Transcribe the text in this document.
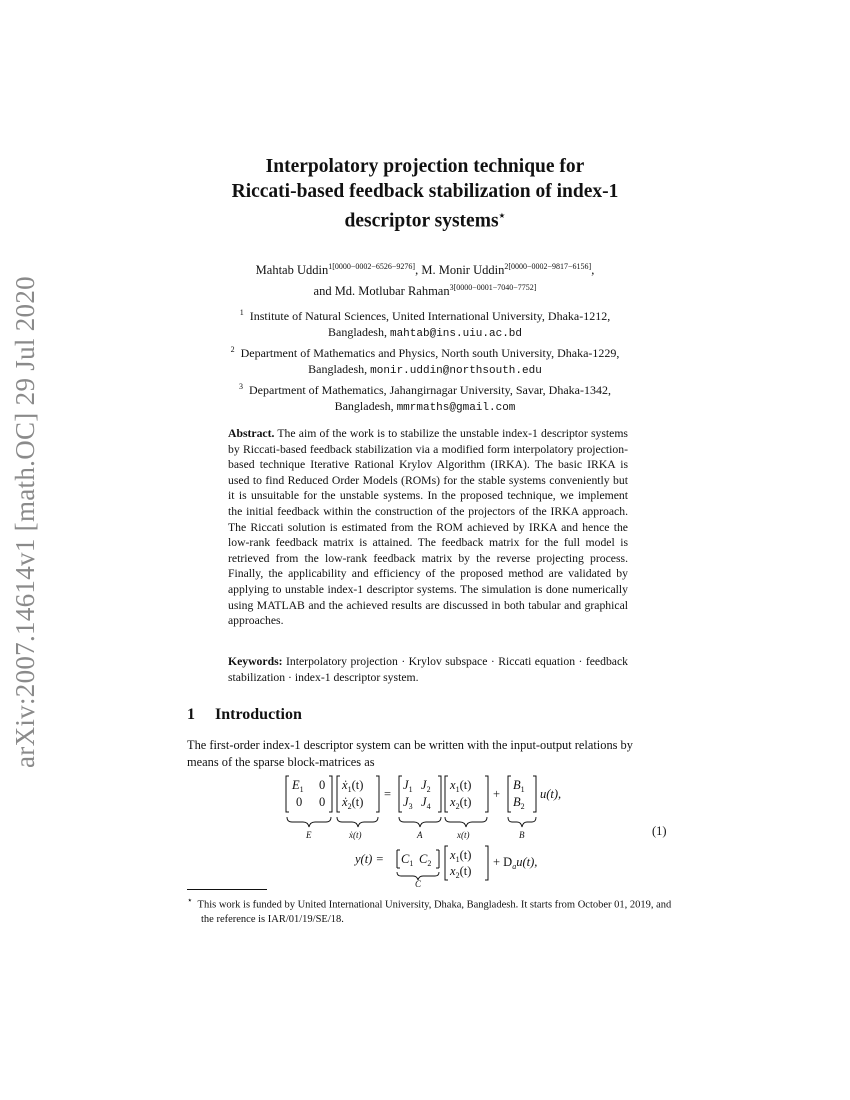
arXiv:2007.14614v1 [math.OC] 29 Jul 2020
Interpolatory projection technique for
Riccati-based feedback stabilization of index-1
descriptor systems⋆
Mahtab Uddin$^{1[0000-0002-6526-9276]}$, M. Monir Uddin$^{2[0000-0002-9817-6156]}$,
and Md. Motlubar Rahman$^{3[0000-0001-7040-7752]}$
$^1$ Institute of Natural Sciences, United International University, Dhaka-1212,
Bangladesh, mahtab@ins.uiu.ac.bd
$^2$ Department of Mathematics and Physics, North south University, Dhaka-1229,
Bangladesh, monir.uddin@northsouth.edu
$^3$ Department of Mathematics, Jahangirnagar University, Savar, Dhaka-1342,
Bangladesh, mmrmaths@gmail.com
Abstract. The aim of the work is to stabilize the unstable index-1 descriptor systems by Riccati-based feedback stabilization via a modified form interpolatory projection-based technique Iterative Rational Krylov Algorithm (IRKA). The basic IRKA is used to find Reduced Order Models (ROMs) for the stable systems conveniently but it is unsuitable for the unstable systems. In the proposed technique, we implement the initial feedback within the construction of the projectors of the IRKA approach. The Riccati solution is estimated from the ROM achieved by IRKA and hence the low-rank feedback matrix is attained. The feedback matrix for the full model is retrieved from the low-rank feedback matrix by the reverse projecting process. Finally, the applicability and efficiency of the proposed method are validated by applying to unstable index-1 descriptor systems. The simulation is done numerically using MATLAB and the achieved results are discussed in both tabular and graphical approaches.
Keywords: Interpolatory projection · Krylov subspace · Riccati equation · feedback stabilization · index-1 descriptor system.
1 Introduction
The first-order index-1 descriptor system can be written with the input-output relations by means of the sparse block-matrices as
$E_1$ 0
0 0
E
ẋ$_1$(t)
ẋ$_2$(t)
ẋ(t)
=
$J_1$ $J_2$
$J_3$ $J_4$
A
$x_1(t)$
$x_2(t)$
x(t)
+
$B_1$
$B_2$
B
u(t),
$y(t) = C_1$ $C_2$
C
$x_1(t)$
$x_2(t)$
+ $D_au(t)$,
(1)
⋆ This work is funded by United International University, Dhaka, Bangladesh. It starts from October 01, 2019, and the reference is IAR/01/19/SE/18.
